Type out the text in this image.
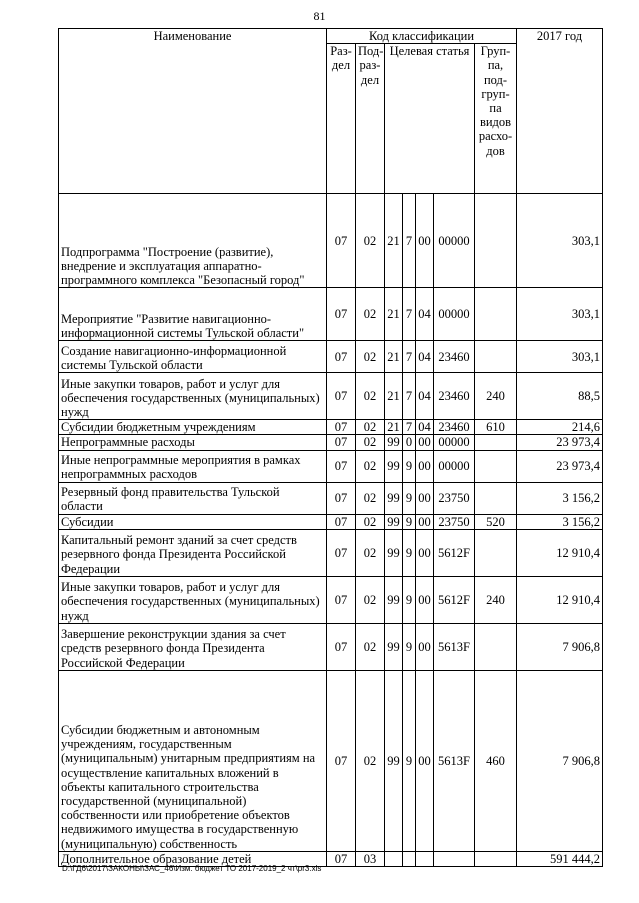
81
Наименование	Код классификации							2017 год
	Раз- дел	Под- раз- дел	Целевая статья				Груп- па, под- груп- па видов расхо- дов	
Подпрограмма "Построение (развитие), внедрение и эксплуатация аппаратно-программного комплекса "Безопасный город"	07	02	21	7	00	00000		303,1
Мероприятие "Развитие навигационно-информационной системы Тульской области"	07	02	21	7	04	00000		303,1
Создание навигационно-информационной системы Тульской области	07	02	21	7	04	23460		303,1
Иные закупки товаров, работ и услуг для обеспечения государственных (муниципальных) нужд	07	02	21	7	04	23460	240	88,5
Субсидии бюджетным учреждениям	07	02	21	7	04	23460	610	214,6
Непрограммные расходы	07	02	99	0	00	00000		23 973,4
Иные непрограммные мероприятия в рамках непрограммных расходов	07	02	99	9	00	00000		23 973,4
Резервный фонд правительства Тульской области	07	02	99	9	00	23750		3 156,2
Субсидии	07	02	99	9	00	23750	520	3 156,2
Капитальный ремонт зданий за счет средств резервного фонда Президента Российской Федерации	07	02	99	9	00	5612F		12 910,4
Иные закупки товаров, работ и услуг для обеспечения государственных (муниципальных) нужд	07	02	99	9	00	5612F	240	12 910,4
Завершение реконструкции здания за счет средств резервного фонда Президента Российской Федерации	07	02	99	9	00	5613F		7 906,8
Субсидии бюджетным и автономным учреждениям, государственным (муниципальным) унитарным предприятиям на осуществление капитальных вложений в объекты капитального строительства государственной (муниципальной) собственности или приобретение объектов недвижимого имущества в государственную (муниципальную) собственность	07	02	99	9	00	5613F	460	7 906,8
Дополнительное образование детей	07	03						591 444,2
D:\ГД6\2017\ЗАКОНЫ\ЗАС_46\Изм. бюджет ТО 2017-2019_2 чт\pr3.xls
